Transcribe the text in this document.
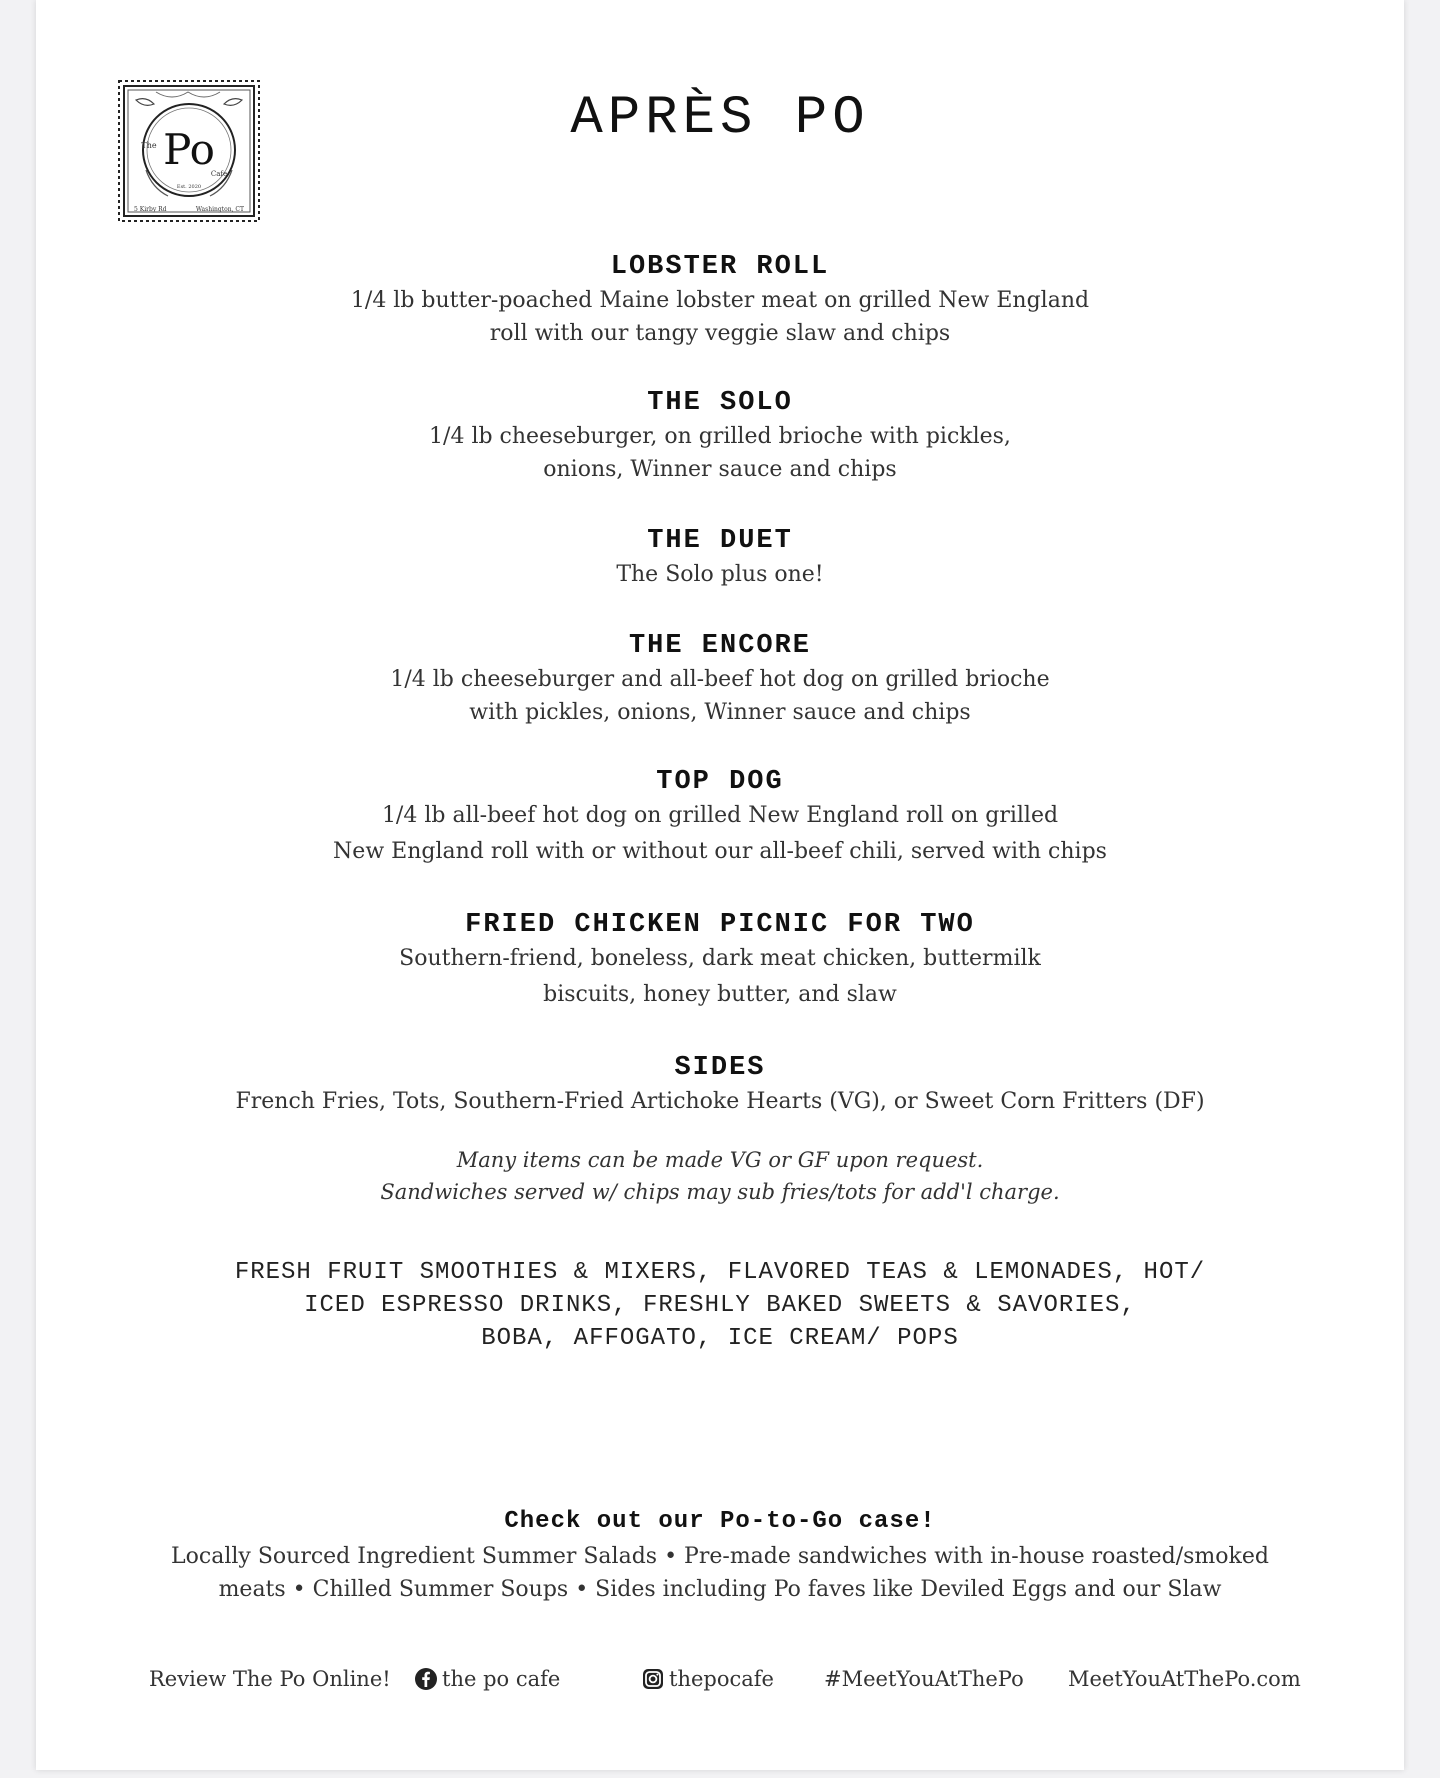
Po
The
Cafe
Est. 2020
5 Kirby Rd	Washington, CT
APRÈS PO
LOBSTER ROLL
1/4 lb butter-poached Maine lobster meat on grilled New England
roll with our tangy veggie slaw and chips
THE SOLO
1/4 lb cheeseburger, on grilled brioche with pickles,
onions, Winner sauce and chips
THE DUET
The Solo plus one!
THE ENCORE
1/4 lb cheeseburger and all-beef hot dog on grilled brioche
with pickles, onions, Winner sauce and chips
TOP DOG
1/4 lb all-beef hot dog on grilled New England roll on grilled
New England roll with or without our all-beef chili, served with chips
FRIED CHICKEN PICNIC FOR TWO
Southern-friend, boneless, dark meat chicken, buttermilk
biscuits, honey butter, and slaw
SIDES
French Fries, Tots, Southern-Fried Artichoke Hearts (VG), or Sweet Corn Fritters (DF)
Many items can be made VG or GF upon request.
Sandwiches served w/ chips may sub fries/tots for add'l charge.
FRESH FRUIT SMOOTHIES & MIXERS, FLAVORED TEAS & LEMONADES, HOT/
ICED ESPRESSO DRINKS, FRESHLY BAKED SWEETS & SAVORIES,
BOBA, AFFOGATO, ICE CREAM/ POPS
Check out our Po-to-Go case!
Locally Sourced Ingredient Summer Salads • Pre-made sandwiches with in-house roasted/smoked
meats • Chilled Summer Soups • Sides including Po faves like Deviled Eggs and our Slaw
Review The Po Online! the po cafe	thepocafe #MeetYouAtThePo MeetYouAtThePo.com
